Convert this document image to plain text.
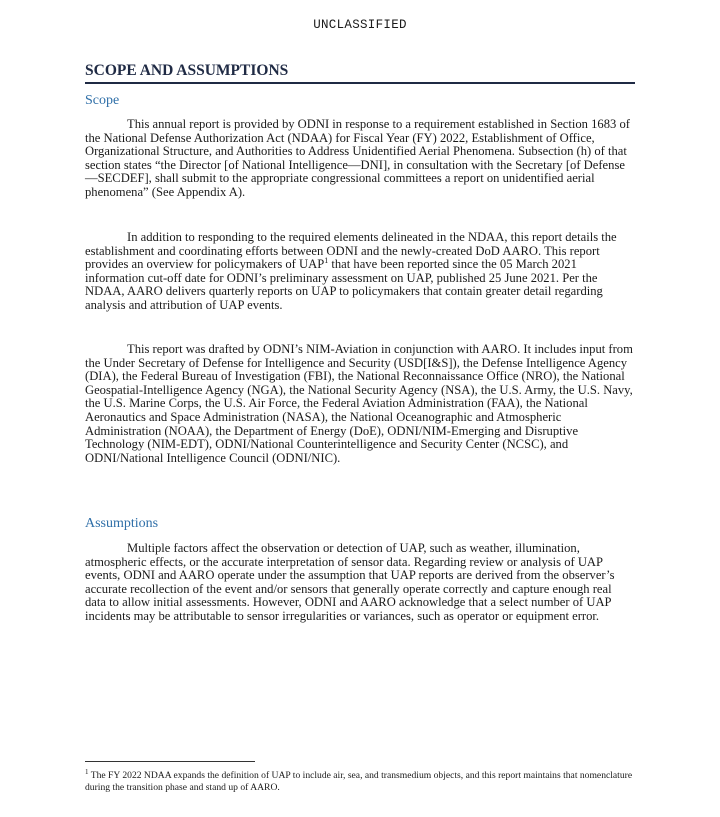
UNCLASSIFIED
SCOPE AND ASSUMPTIONS
Scope

This annual report is provided by ODNI in response to a requirement established in Section 1683 of the National Defense Authorization Act (NDAA) for Fiscal Year (FY) 2022, Establishment of Office, Organizational Structure, and Authorities to Address Unidentified Aerial Phenomena. Subsection (h) of that section states “the Director [of National Intelligence—DNI], in consultation with the Secretary [of Defense—SECDEF], shall submit to the appropriate congressional committees a report on unidentified aerial phenomena” (See Appendix A).

In addition to responding to the required elements delineated in the NDAA, this report details the establishment and coordinating efforts between ODNI and the newly-created DoD AARO. This report provides an overview for policymakers of UAP$^1$ that have been reported since the 05 March 2021 information cut-off date for ODNI’s preliminary assessment on UAP, published 25 June 2021. Per the NDAA, AARO delivers quarterly reports on UAP to policymakers that contain greater detail regarding analysis and attribution of UAP events.

This report was drafted by ODNI’s NIM-Aviation in conjunction with AARO. It includes input from the Under Secretary of Defense for Intelligence and Security (USD[I&S]), the Defense Intelligence Agency (DIA), the Federal Bureau of Investigation (FBI), the National Reconnaissance Office (NRO), the National Geospatial-Intelligence Agency (NGA), the National Security Agency (NSA), the U.S. Army, the U.S. Navy, the U.S. Marine Corps, the U.S. Air Force, the Federal Aviation Administration (FAA), the National Aeronautics and Space Administration (NASA), the National Oceanographic and Atmospheric Administration (NOAA), the Department of Energy (DoE), ODNI/NIM-Emerging and Disruptive Technology (NIM-EDT), ODNI/National Counterintelligence and Security Center (NCSC), and ODNI/National Intelligence Council (ODNI/NIC).

Assumptions

Multiple factors affect the observation or detection of UAP, such as weather, illumination, atmospheric effects, or the accurate interpretation of sensor data. Regarding review or analysis of UAP events, ODNI and AARO operate under the assumption that UAP reports are derived from the observer’s accurate recollection of the event and/or sensors that generally operate correctly and capture enough real data to allow initial assessments. However, ODNI and AARO acknowledge that a select number of UAP incidents may be attributable to sensor irregularities or variances, such as operator or equipment error.

$^1$ The FY 2022 NDAA expands the definition of UAP to include air, sea, and transmedium objects, and this report maintains that nomenclature during the transition phase and stand up of AARO.
